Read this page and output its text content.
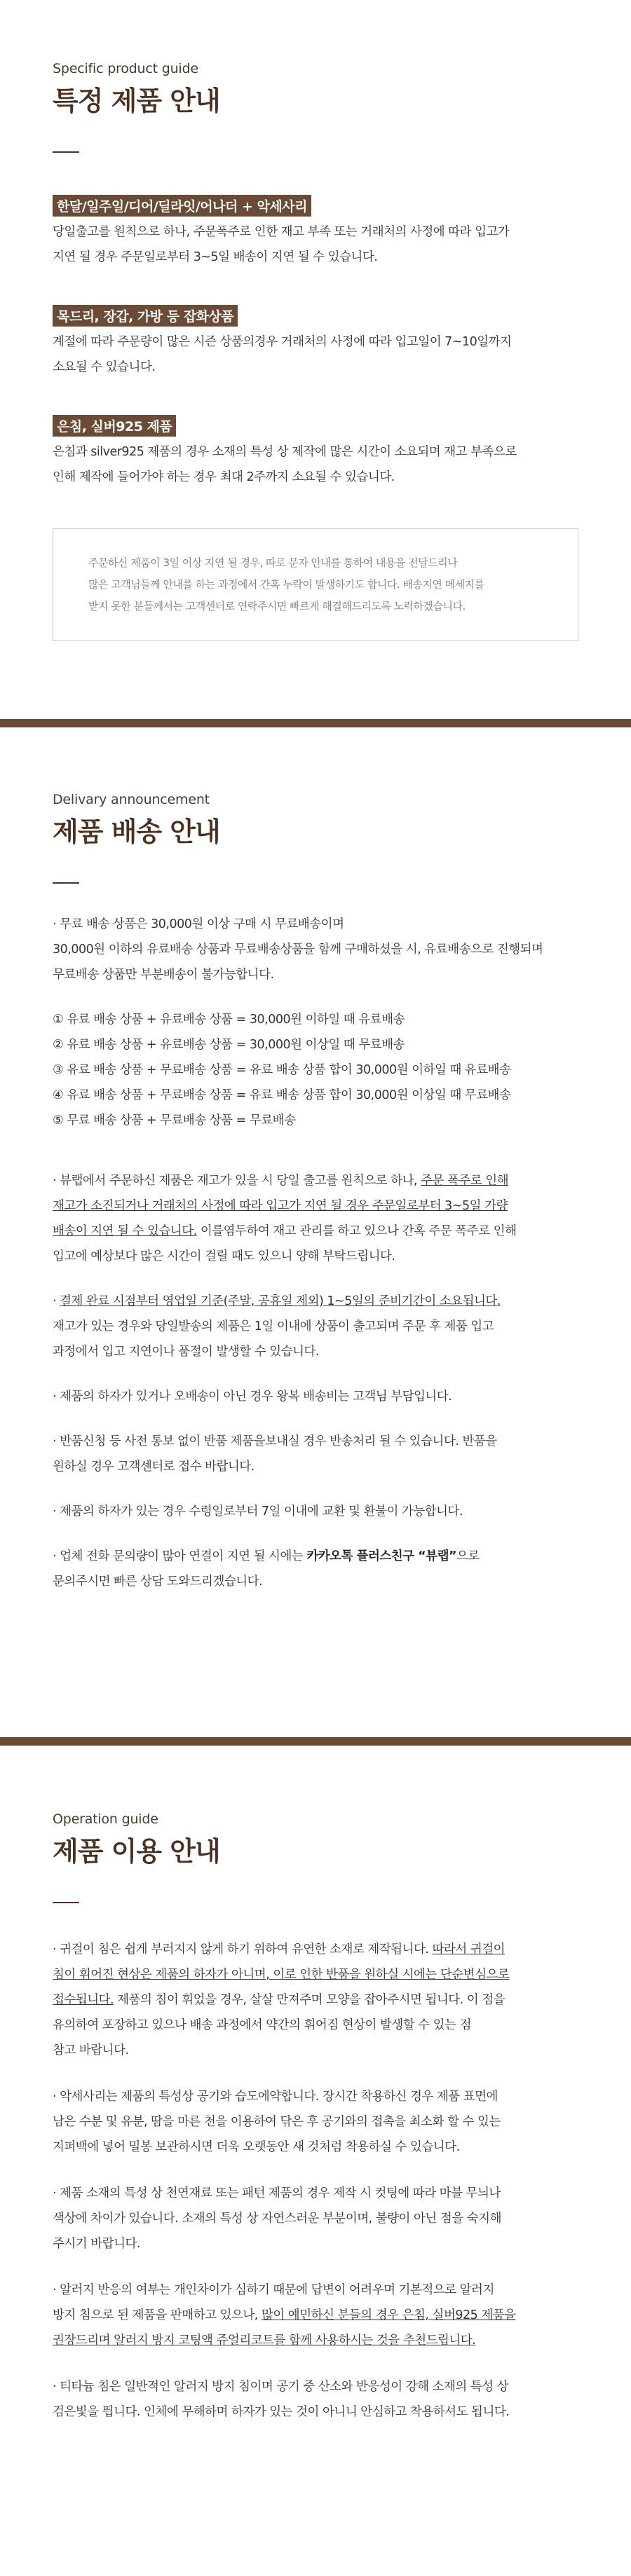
Specific product guide
특정 제품 안내
한달/일주일/디어/딜라잇/어나더 + 악세사리
당일출고를 원칙으로 하나, 주문폭주로 인한 재고 부족 또는 거래처의 사정에 따라 입고가
지연 될 경우 주문일로부터 3~5일 배송이 지연 될 수 있습니다.
목드리, 장갑, 가방 등 잡화상품
계절에 따라 주문량이 많은 시즌 상품의경우 거래처의 사정에 따라 입고일이 7~10일까지
소요될 수 있습니다.
은침, 실버925 제품
은침과 silver925 제품의 경우 소재의 특성 상 제작에 많은 시간이 소요되며 재고 부족으로
인해 제작에 들어가야 하는 경우 최대 2주까지 소요될 수 있습니다.
주문하신 제품이 3일 이상 지연 될 경우, 따로 문자 안내를 통하여 내용을 전달드리나
많은 고객님들께 안내를 하는 과정에서 간혹 누락이 발생하기도 합니다. 배송지연 메세지를
받지 못한 분들께서는 고객센터로 연락주시면 빠르게 해결해드리도록 노력하겠습니다.
Delivary announcement
제품 배송 안내
· 무료 배송 상품은 30,000원 이상 구매 시 무료배송이며
30,000원 이하의 유료배송 상품과 무료배송상품을 함께 구매하셨을 시, 유료배송으로 진행되며
무료배송 상품만 부분배송이 불가능합니다.
① 유료 배송 상품 + 유료배송 상품 = 30,000원 이하일 때 유료배송
② 유료 배송 상품 + 유료배송 상품 = 30,000원 이상일 때 무료배송
③ 유료 배송 상품 + 무료배송 상품 = 유료 배송 상품 합이 30,000원 이하일 때 유료배송
④ 유료 배송 상품 + 무료배송 상품 = 유료 배송 상품 합이 30,000원 이상일 때 무료배송
⑤ 무료 배송 상품 + 무료배송 상품 = 무료배송
· 뷰랩에서 주문하신 제품은 재고가 있을 시 당일 출고를 원칙으로 하나, 주문 폭주로 인해
재고가 소진되거나 거래처의 사정에 따라 입고가 지연 될 경우 주문일로부터 3~5일 가량
배송이 지연 될 수 있습니다. 이를염두하여 재고 관리를 하고 있으나 간혹 주문 폭주로 인해
입고에 예상보다 많은 시간이 걸릴 때도 있으니 양해 부탁드립니다.
· 결제 완료 시점부터 영업일 기준(주말, 공휴일 제외) 1~5일의 준비기간이 소요됩니다.
재고가 있는 경우와 당일발송의 제품은 1일 이내에 상품이 출고되며 주문 후 제품 입고
과정에서 입고 지연이나 품절이 발생할 수 있습니다.
· 제품의 하자가 있거나 오배송이 아닌 경우 왕복 배송비는 고객님 부담입니다.
· 반품신청 등 사전 통보 없이 반품 제품을보내실 경우 반송처리 될 수 있습니다. 반품을
원하실 경우 고객센터로 접수 바랍니다.
· 제품의 하자가 있는 경우 수령일로부터 7일 이내에 교환 및 환불이 가능합니다.
· 업체 전화 문의량이 많아 연결이 지연 될 시에는 카카오톡 플러스친구 “뷰랩”으로
문의주시면 빠른 상담 도와드리겠습니다.
Operation guide
제품 이용 안내
· 귀걸이 침은 쉽게 부러지지 않게 하기 위하여 유연한 소재로 제작됩니다. 따라서 귀걸이
침이 휘어진 현상은 제품의 하자가 아니며, 이로 인한 반품을 원하실 시에는 단순변심으로
접수됩니다. 제품의 침이 휘었을 경우, 살살 만져주며 모양을 잡아주시면 됩니다. 이 점을
유의하여 포장하고 있으나 배송 과정에서 약간의 휘어짐 현상이 발생할 수 있는 점
참고 바랍니다.
· 악세사리는 제품의 특성상 공기와 습도에약합니다. 장시간 착용하신 경우 제품 표면에
남은 수분 및 유분, 땀을 마른 천을 이용하여 닦은 후 공기와의 접촉을 최소화 할 수 있는
지퍼백에 넣어 밀봉 보관하시면 더욱 오랫동안 새 것처럼 착용하실 수 있습니다.
· 제품 소재의 특성 상 천연재료 또는 패턴 제품의 경우 제작 시 컷팅에 따라 마블 무늬나
색상에 차이가 있습니다. 소재의 특성 상 자연스러운 부분이며, 불량이 아닌 점을 숙지해
주시기 바랍니다.
· 알러지 반응의 여부는 개인차이가 심하기 때문에 답변이 어려우며 기본적으로 알러지
방지 침으로 된 제품을 판매하고 있으나, 많이 예민하신 분들의 경우 은침, 실버925 제품을
권장드리며 알러지 방지 코팅액 쥬얼리코트를 함께 사용하시는 것을 추천드립니다.
· 티타늄 침은 일반적인 알러지 방지 침이며 공기 중 산소와 반응성이 강해 소재의 특성 상
검은빛을 띕니다. 인체에 무해하며 하자가 있는 것이 아니니 안심하고 착용하셔도 됩니다.
